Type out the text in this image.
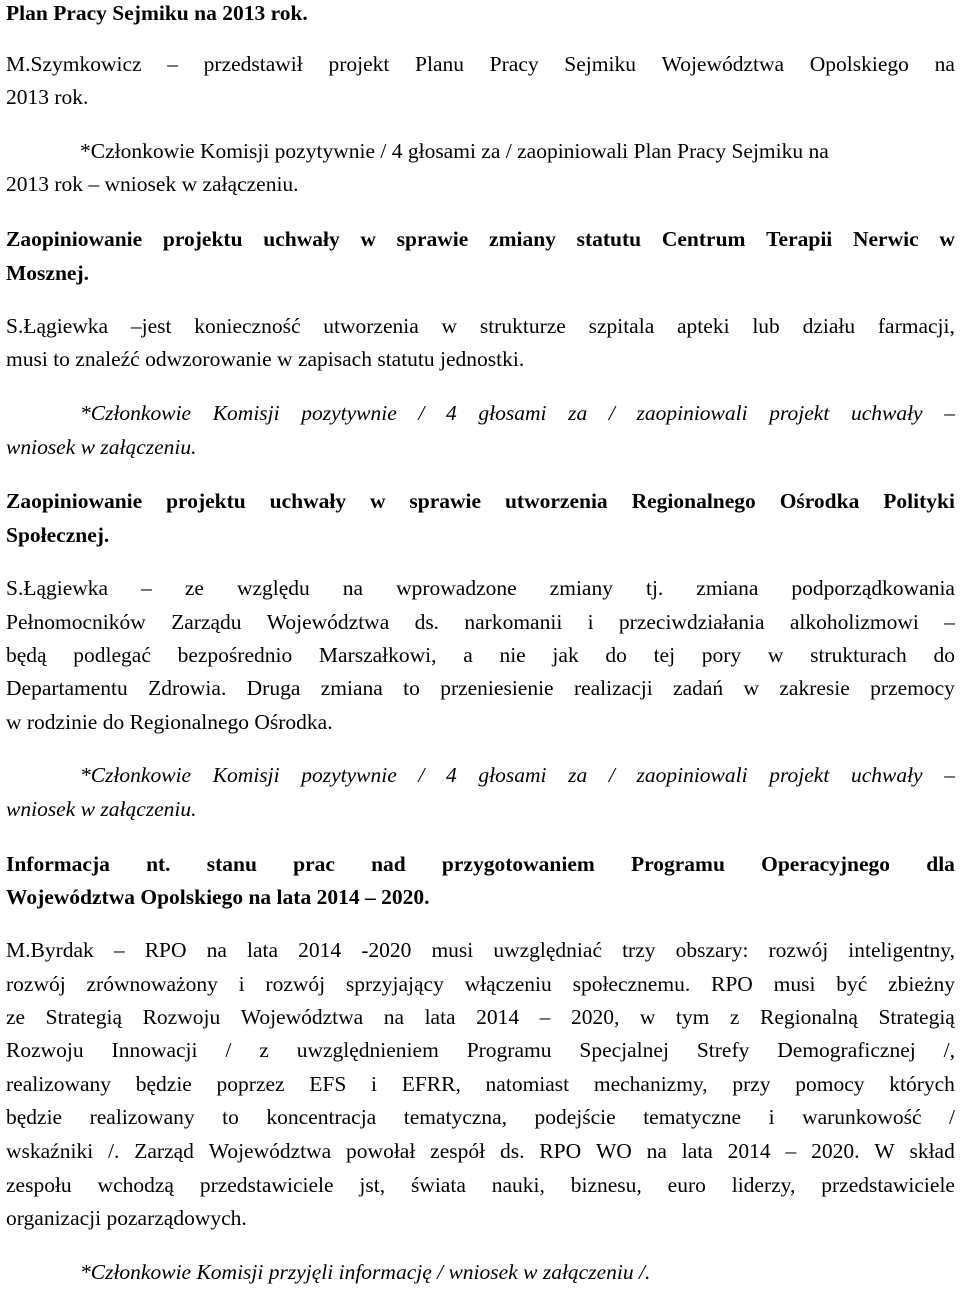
Plan Pracy Sejmiku na 2013 rok.
M.Szymkowicz – przedstawił projekt Planu Pracy Sejmiku Województwa Opolskiego na
2013 rok.
*Członkowie Komisji pozytywnie / 4 głosami za / zaopiniowali Plan Pracy Sejmiku na
2013 rok – wniosek w załączeniu.
Zaopiniowanie projektu uchwały w sprawie zmiany statutu Centrum Terapii Nerwic w
Mosznej.
S.Łągiewka –jest konieczność utworzenia w strukturze szpitala apteki lub działu farmacji,
musi to znaleźć odwzorowanie w zapisach statutu jednostki.
*Członkowie Komisji pozytywnie / 4 głosami za / zaopiniowali projekt uchwały –
wniosek w załączeniu.
Zaopiniowanie projektu uchwały w sprawie utworzenia Regionalnego Ośrodka Polityki
Społecznej.
S.Łągiewka – ze względu na wprowadzone zmiany tj. zmiana podporządkowania
Pełnomocników Zarządu Województwa ds. narkomanii i przeciwdziałania alkoholizmowi –
będą podlegać bezpośrednio Marszałkowi, a nie jak do tej pory w strukturach do
Departamentu Zdrowia. Druga zmiana to przeniesienie realizacji zadań w zakresie przemocy
w rodzinie do Regionalnego Ośrodka.
*Członkowie Komisji pozytywnie / 4 głosami za / zaopiniowali projekt uchwały –
wniosek w załączeniu.
Informacja nt. stanu prac nad przygotowaniem Programu Operacyjnego dla
Województwa Opolskiego na lata 2014 – 2020.
M.Byrdak – RPO na lata 2014 -2020 musi uwzględniać trzy obszary: rozwój inteligentny,
rozwój zrównoważony i rozwój sprzyjający włączeniu społecznemu. RPO musi być zbieżny
ze Strategią Rozwoju Województwa na lata 2014 – 2020, w tym z Regionalną Strategią
Rozwoju Innowacji / z uwzględnieniem Programu Specjalnej Strefy Demograficznej /,
realizowany będzie poprzez EFS i EFRR, natomiast mechanizmy, przy pomocy których
będzie realizowany to koncentracja tematyczna, podejście tematyczne i warunkowość /
wskaźniki /. Zarząd Województwa powołał zespół ds. RPO WO na lata 2014 – 2020. W skład
zespołu wchodzą przedstawiciele jst, świata nauki, biznesu, euro liderzy, przedstawiciele
organizacji pozarządowych.
*Członkowie Komisji przyjęli informację / wniosek w załączeniu /.
